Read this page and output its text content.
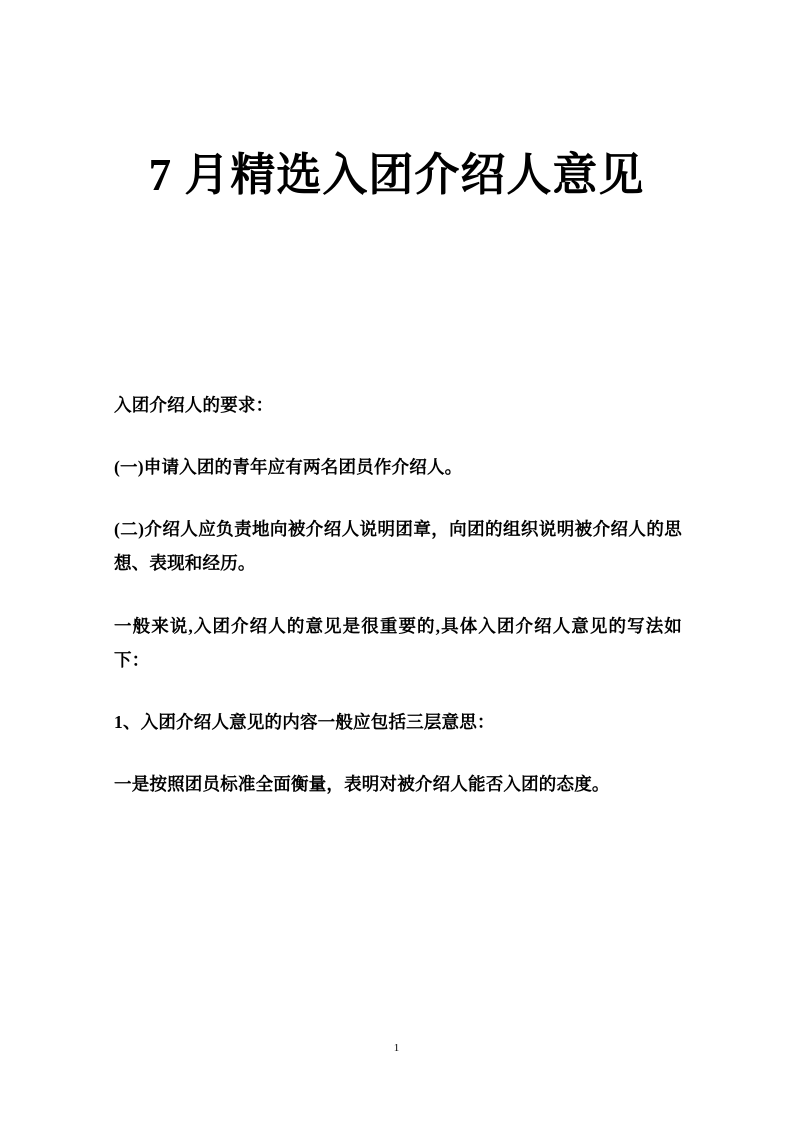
7 月精选入团介绍人意见

入团介绍人的要求：

(一)申请入团的青年应有两名团员作介绍人。

(二)介绍人应负责地向被介绍人说明团章，向团的组织说明被介绍人的思想、表现和经历。

一般来说,入团介绍人的意见是很重要的,具体入团介绍人意见的写法如下：

1、入团介绍人意见的内容一般应包括三层意思：

一是按照团员标准全面衡量，表明对被介绍人能否入团的态度。

1
